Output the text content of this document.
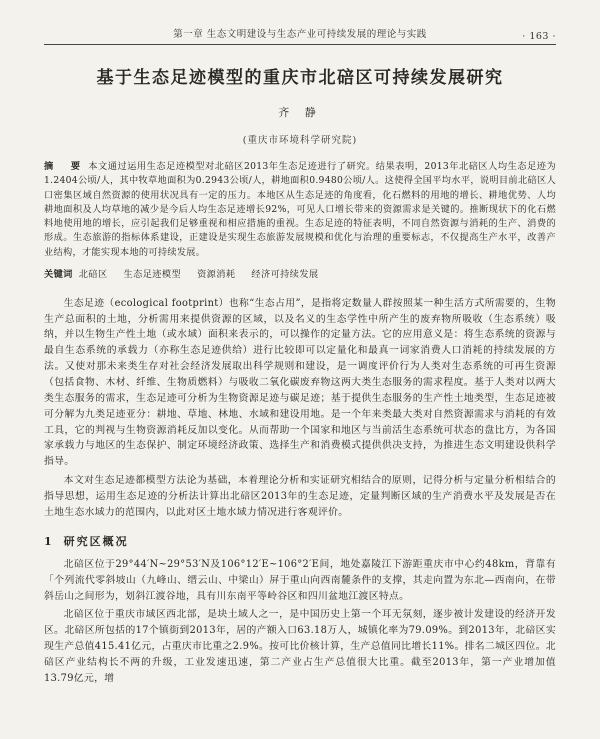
第一章 生态文明建设与生态产业可持续发展的理论与实践	· 163 ·
基于生态足迹模型的重庆市北碚区可持续发展研究
齐 静
(重庆市环境科学研究院)
摘　要 本文通过运用生态足迹模型对北碚区2013年生态足迹进行了研究。结果表明，2013年北碚区人均生态足迹为1.2404公顷/人，其中牧草地面积为0.2943公顷/人，耕地面积0.9480公顷/人。这使得全国平均水平，说明目前北碚区人口密集区域自然资源的使用状况具有一定的压力。本地区从生态足迹的角度看，化石燃料的用地的增长、耕地优势、人均耕地面积及人均草地的减少是今后人均生态足迹增长92%，可见人口增长带来的资源需求是关键的。推断现状下的化石燃料地使用地的增长，应引起我们足够重视和相应措施的重视。生态足迹的特征表明，不同自然资源与消耗的生产、消费的形成。生态旅游的指标体系建设，正建设是实现生态旅游发展规模和优化与治理的重要标志，不仅提高生产水平，改善产业结构，才能实现本地的可持续发展。
关键词 北碚区 生态足迹模型 资源消耗 经济可持续发展

生态足迹（ecological footprint）也称“生态占用”，是指将定数量人群按照某一种生活方式所需要的，生物生产总面积的土地，分析需用来提供资源的区域，以及名义的生态学性中所产生的废弃物所吸收（生态系统）吸纳，并以生物生产性土地（或水域）面积来表示的，可以操作的定量方法。它的应用意义是：将生态系统的资源与最自生态系统的承载力（亦称生态足迹供给）进行比较即可以定量化和最真一词家消费人口消耗的持续发展的方法。又使对那未来类生存对社会经济发展取出科学规则和建设，是一调度评价行为人类对生态系统的可再生资源（包括食物、木材、纤维、生物质燃料）与吸收二氧化碳废弃物这两大类生态服务的需求程度。基于人类对以两大类生态服务的需求，生态足迹可分析为生物资源足迹与碳足迹；基于提供生态服务的生产性土地类型，生态足迹被可分解为九类足迹亚分：耕地、草地、林地、水域和建设用地。是一个年来类最大类对自然资源需求与消耗的有效工具，它的判视与生物资源消耗反加以变化。从而帮助一个国家和地区与当前活生态系统可状态的盘比方，为各国家承载力与地区的生态保护、制定环境经济政策、选择生产和消费模式提供供决支持，为推进生态文明建设供科学指导。

本文对生态足迹都模型方法论为基础，本着理论分析和实证研究相结合的原则，记得分析与定量分析相结合的指导思想，运用生态足迹的分析法计算出北碚区2013年的生态足迹，定量判断区域的生产消费水平及发展是否在土地生态水域力的范围内，以此对区土地水域力情况进行客观评价。

1 研究区概况

北碚区位于29°44′N~29°53′N及106°12′E~106°2′E间，地处嘉陵江下游距重庆市中心约48km，背靠有「个列流代零斜坡山（九峰山、缙云山、中梁山）屏于重山向西南麓条件的支撑，其走向置为东北—西南向，在带斜岳山之间形为，划斜江渡谷地，具有川东南平等岭谷区和四川盆地江渡区特点。

北碚区位于重庆市域区西北部，是块土域人之一，是中国历史上第一个耳无氛刻，逐步被计发建设的经济开发区。北碚区所包括的17个镇街到2013年，居的产额入口63.18万人，城镇化率为79.09%。到2013年，北碚区实现生产总值415.41亿元，占重庆市比重之2.9%。按可比价核计算，生产总值同比增长11%。排名二城区四位。北碚区产业结构长不两的升级，工业发速迅速，第二产业占生产总值很大比重。截至2013年，第一产业增加值13.79亿元，增
